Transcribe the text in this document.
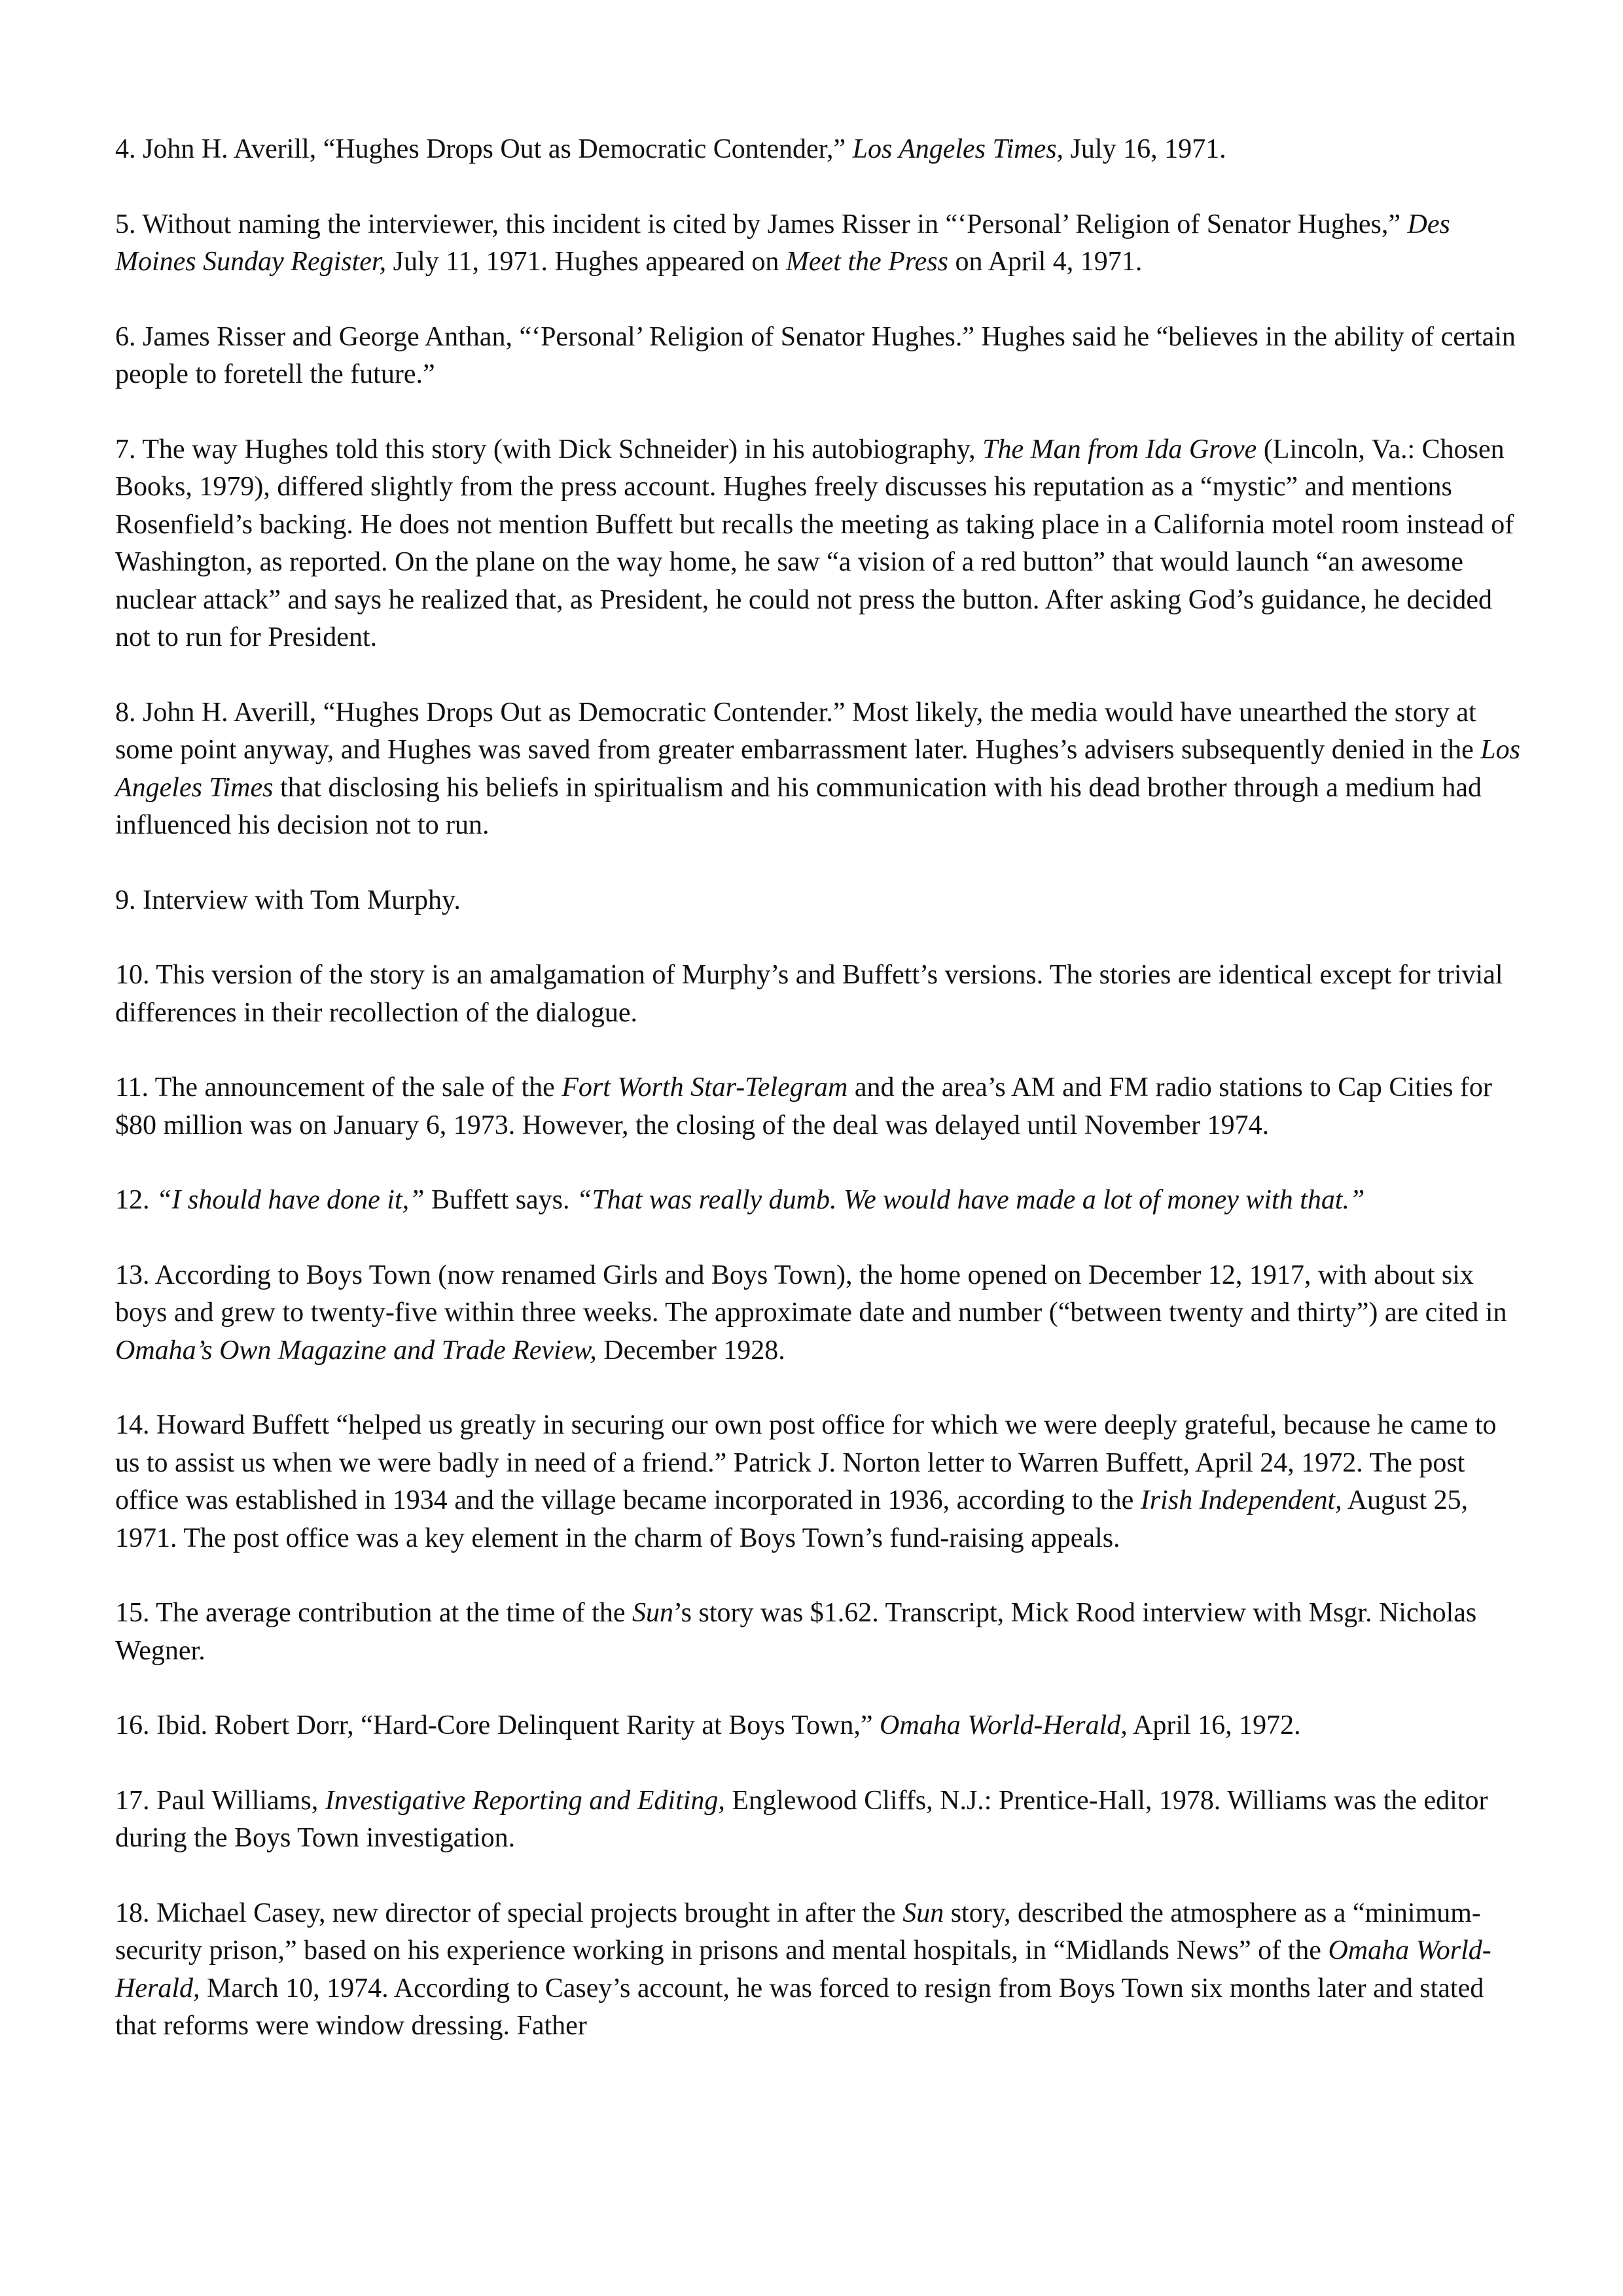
4. John H. Averill, “Hughes Drops Out as Democratic Contender,” Los Angeles Times, July 16, 1971.

5. Without naming the interviewer, this incident is cited by James Risser in “‘Personal’ Religion of Senator Hughes,” Des Moines Sunday Register, July 11, 1971. Hughes appeared on Meet the Press on April 4, 1971.

6. James Risser and George Anthan, “‘Personal’ Religion of Senator Hughes.” Hughes said he “believes in the ability of certain people to foretell the future.”

7. The way Hughes told this story (with Dick Schneider) in his autobiography, The Man from Ida Grove (Lincoln, Va.: Chosen Books, 1979), differed slightly from the press account. Hughes freely discusses his reputation as a “mystic” and mentions Rosenfield’s backing. He does not mention Buffett but recalls the meeting as taking place in a California motel room instead of Washington, as reported. On the plane on the way home, he saw “a vision of a red button” that would launch “an awesome nuclear attack” and says he realized that, as President, he could not press the button. After asking God’s guidance, he decided not to run for President.

8. John H. Averill, “Hughes Drops Out as Democratic Contender.” Most likely, the media would have unearthed the story at some point anyway, and Hughes was saved from greater embarrassment later. Hughes’s advisers subsequently denied in the Los Angeles Times that disclosing his beliefs in spiritualism and his communication with his dead brother through a medium had influenced his decision not to run.

9. Interview with Tom Murphy.

10. This version of the story is an amalgamation of Murphy’s and Buffett’s versions. The stories are identical except for trivial differences in their recollection of the dialogue.

11. The announcement of the sale of the Fort Worth Star-Telegram and the area’s AM and FM radio stations to Cap Cities for $80 million was on January 6, 1973. However, the closing of the deal was delayed until November 1974.

12. “I should have done it,” Buffett says. “That was really dumb. We would have made a lot of money with that.”

13. According to Boys Town (now renamed Girls and Boys Town), the home opened on December 12, 1917, with about six boys and grew to twenty-five within three weeks. The approximate date and number (“between twenty and thirty”) are cited in Omaha’s Own Magazine and Trade Review, December 1928.

14. Howard Buffett “helped us greatly in securing our own post office for which we were deeply grateful, because he came to us to assist us when we were badly in need of a friend.” Patrick J. Norton letter to Warren Buffett, April 24, 1972. The post office was established in 1934 and the village became incorporated in 1936, according to the Irish Independent, August 25, 1971. The post office was a key element in the charm of Boys Town’s fund-raising appeals.

15. The average contribution at the time of the Sun’s story was $1.62. Transcript, Mick Rood interview with Msgr. Nicholas Wegner.

16. Ibid. Robert Dorr, “Hard-Core Delinquent Rarity at Boys Town,” Omaha World-Herald, April 16, 1972.

17. Paul Williams, Investigative Reporting and Editing, Englewood Cliffs, N.J.: Prentice-Hall, 1978. Williams was the editor during the Boys Town investigation.

18. Michael Casey, new director of special projects brought in after the Sun story, described the atmosphere as a “minimum-security prison,” based on his experience working in prisons and mental hospitals, in “Midlands News” of the Omaha World-Herald, March 10, 1974. According to Casey’s account, he was forced to resign from Boys Town six months later and stated that reforms were window dressing. Father
